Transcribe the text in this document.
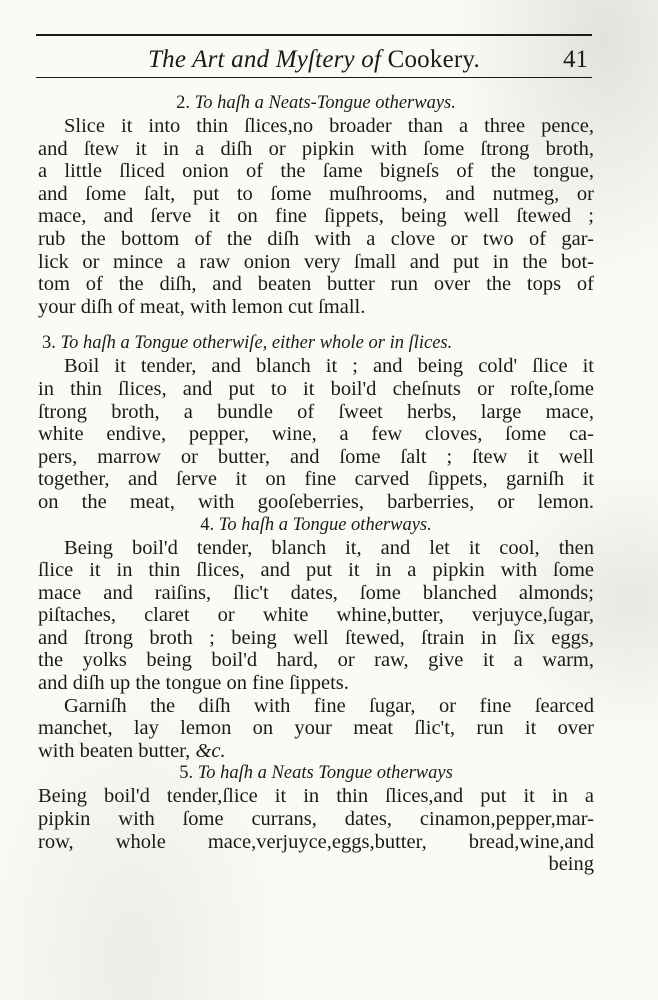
The Art and Myſtery of Cookery.	41
2. To haſh a Neats-Tongue otherways.
Slice it into thin ſlices,no broader than a three pence,
and ſtew it in a diſh or pipkin with ſome ſtrong broth,
a little ſliced onion of the ſame bigneſs of the tongue,
and ſome ſalt, put to ſome muſhrooms, and nutmeg, or
mace, and ſerve it on fine ſippets, being well ſtewed ;
rub the bottom of the diſh with a clove or two of gar-
lick or mince a raw onion very ſmall and put in the bot-
tom of the diſh, and beaten butter run over the tops of
your diſh of meat, with lemon cut ſmall.
3. To haſh a Tongue otherwiſe, either whole or in ſlices.
Boil it tender, and blanch it ; and being cold' ſlice it
in thin ſlices, and put to it boil'd cheſnuts or roſte,ſome
ſtrong broth, a bundle of ſweet herbs, large mace,
white endive, pepper, wine, a few cloves, ſome ca-
pers, marrow or butter, and ſome ſalt ; ſtew it well
together, and ſerve it on fine carved ſippets, garniſh it
on the meat, with gooſeberries, barberries, or lemon.
4. To haſh a Tongue otherways.
Being boil'd tender, blanch it, and let it cool, then
ſlice it in thin ſlices, and put it in a pipkin with ſome
mace and raiſins, ſlic't dates, ſome blanched almonds;
piſtaches, claret or white whine,butter, verjuyce,ſugar,
and ſtrong broth ; being well ſtewed, ſtrain in ſix eggs,
the yolks being boil'd hard, or raw, give it a warm,
and diſh up the tongue on fine ſippets.
Garniſh the diſh with fine ſugar, or fine ſearced
manchet, lay lemon on your meat ſlic't, run it over
with beaten butter, &c.
5. To haſh a Neats Tongue otherways
Being boil'd tender,ſlice it in thin ſlices,and put it in a
pipkin with ſome currans, dates, cinamon,pepper,mar-
row, whole mace,verjuyce,eggs,butter, bread,wine,and
being
